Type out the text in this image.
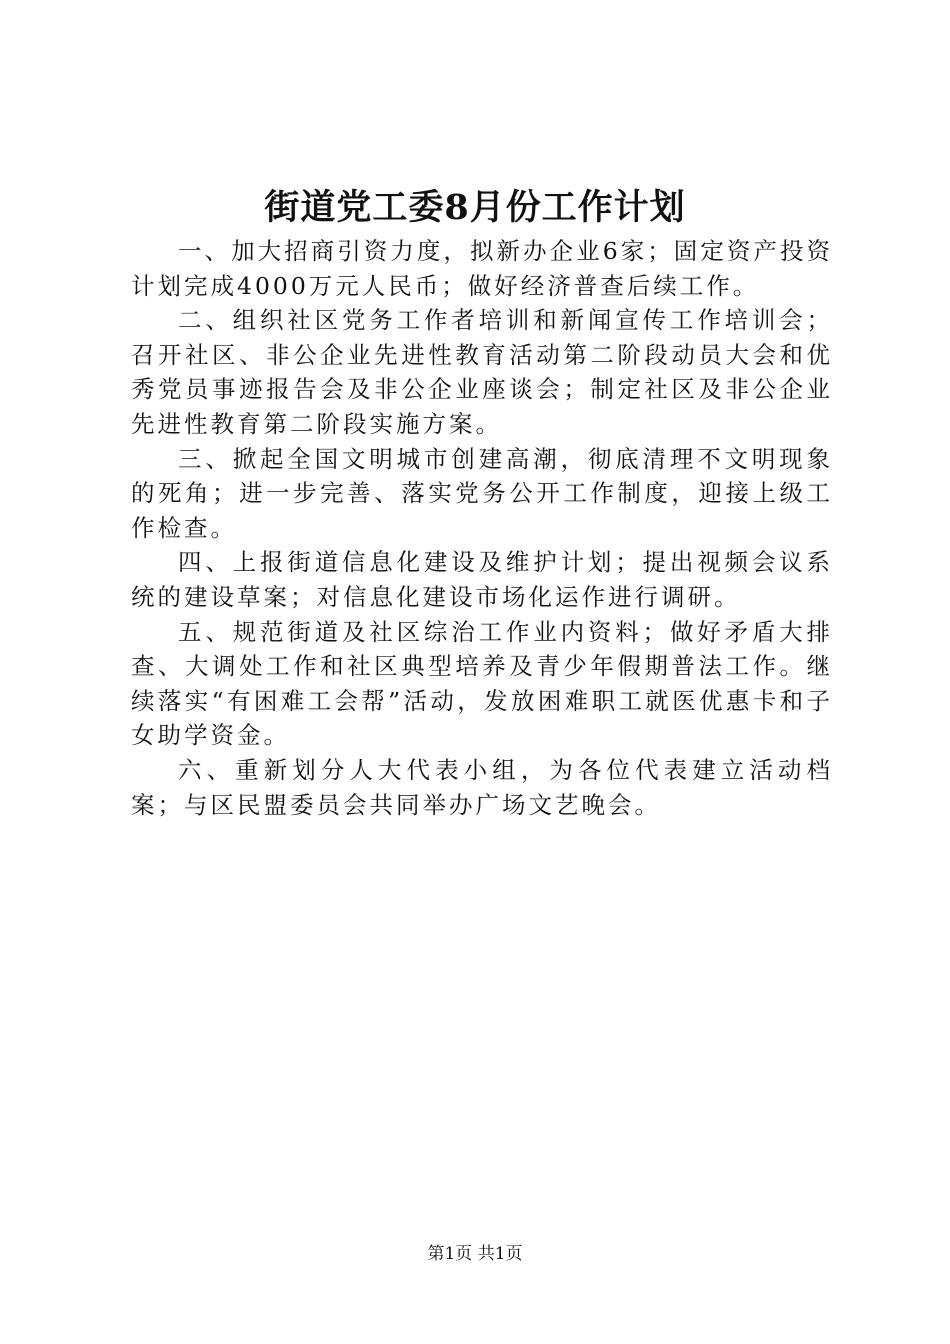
街道党工委8月份工作计划

一、加大招商引资力度，拟新办企业6家；固定资产投资计划完成4000万元人民币；做好经济普查后续工作。

二、组织社区党务工作者培训和新闻宣传工作培训会；召开社区、非公企业先进性教育活动第二阶段动员大会和优秀党员事迹报告会及非公企业座谈会；制定社区及非公企业先进性教育第二阶段实施方案。

三、掀起全国文明城市创建高潮，彻底清理不文明现象的死角；进一步完善、落实党务公开工作制度，迎接上级工作检查。

四、上报街道信息化建设及维护计划；提出视频会议系统的建设草案；对信息化建设市场化运作进行调研。

五、规范街道及社区综治工作业内资料；做好矛盾大排查、大调处工作和社区典型培养及青少年假期普法工作。继续落实“有困难工会帮”活动，发放困难职工就医优惠卡和子女助学资金。

六、重新划分人大代表小组，为各位代表建立活动档案；与区民盟委员会共同举办广场文艺晚会。

第1页 共1页
